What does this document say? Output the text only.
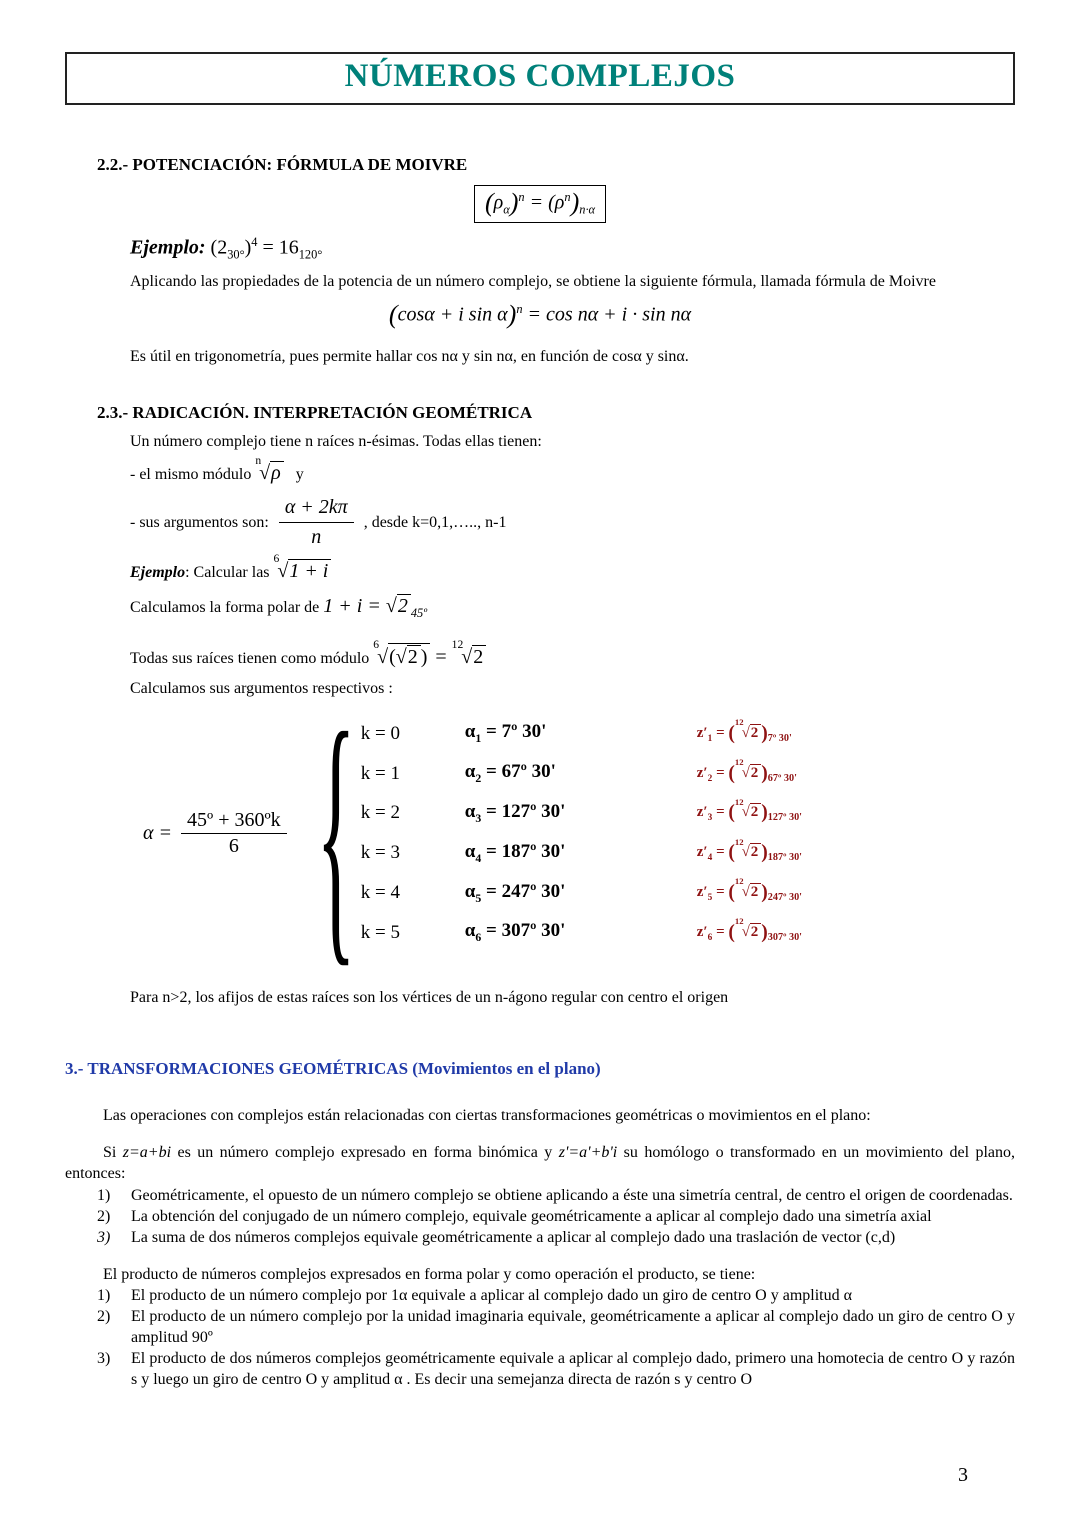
NÚMEROS COMPLEJOS
2.2.- POTENCIACIÓN: FÓRMULA DE MOIVRE
$(\rho_\alpha)^n = (\rho^n)_{n\cdot\alpha}$

Ejemplo: $(2_{30^\circ})^4 = 16_{120^\circ}$

Aplicando las propiedades de la potencia de un número complejo, se obtiene la siguiente fórmula, llamada fórmula de Moivre

(cosα + i sin α)$^n$ = cos nα + i · sin nα

Es útil en trigonometría, pues permite hallar cos nα y sin nα, en función de cosα y sinα.

2.3.- RADICACIÓN. INTERPRETACIÓN GEOMÉTRICA

Un número complejo tiene n raíces n-ésimas. Todas ellas tienen:

- el mismo módulo $^n$√ρ y

- sus argumentos son: $\frac{\alpha + 2k\pi}{n}$ , desde k=0,1,….., n-1

Ejemplo: Calcular las $^6$√1 + i

Calculamos la forma polar de 1 + i = √2 $_{45º}$

Todas sus raíces tienen como módulo $^6$√(√2 ) = $^{12}$√2

Calculamos sus argumentos respectivos :

$\alpha = \frac{\text{45º + 360ºk}}{6}$ { k = 0	$\alpha_1$ = 7º 30'	$z'_1 = (^{12}√2$ )$_{7º 30'}$
k = 1	$\alpha_2$ = 67º 30'	$z'_2 = (^{12}√2$ )$_{67º 30'}$
k = 2	$\alpha_3$ = 127º 30'	$z'_3 = (^{12}√2$ )$_{127º 30'}$
k = 3	$\alpha_4$ = 187º 30'	$z'_4 = (^{12}√2$ )$_{187º 30'}$
k = 4	$\alpha_5$ = 247º 30'	$z'_5 = (^{12}√2$ )$_{247º 30'}$
k = 5	$\alpha_6$ = 307º 30'	$z'_6 = (^{12}√2$ )$_{307º 30'}$

Para n>2, los afijos de estas raíces son los vértices de un n-ágono regular con centro el origen

3.- TRANSFORMACIONES GEOMÉTRICAS (Movimientos en el plano)

Las operaciones con complejos están relacionadas con ciertas transformaciones geométricas o movimientos en el plano:

Si z=a+bi es un número complejo expresado en forma binómica y z'=a'+b'i su homólogo o transformado en un movimiento del plano, entonces:

1)	Geométricamente, el opuesto de un número complejo se obtiene aplicando a éste una simetría central, de centro el origen de coordenadas.
2)	La obtención del conjugado de un número complejo, equivale geométricamente a aplicar al complejo dado una simetría axial
3)	La suma de dos números complejos equivale geométricamente a aplicar al complejo dado una traslación de vector (c,d)

El producto de números complejos expresados en forma polar y como operación el producto, se tiene:

1)	El producto de un número complejo por 1α equivale a aplicar al complejo dado un giro de centro O y amplitud α
2)	El producto de un número complejo por la unidad imaginaria equivale, geométricamente a aplicar al complejo dado un giro de centro O y amplitud 90º
3)	El producto de dos números complejos geométricamente equivale a aplicar al complejo dado, primero una homotecia de centro O y razón s y luego un giro de centro O y amplitud α . Es decir una semejanza directa de razón s y centro O
3
